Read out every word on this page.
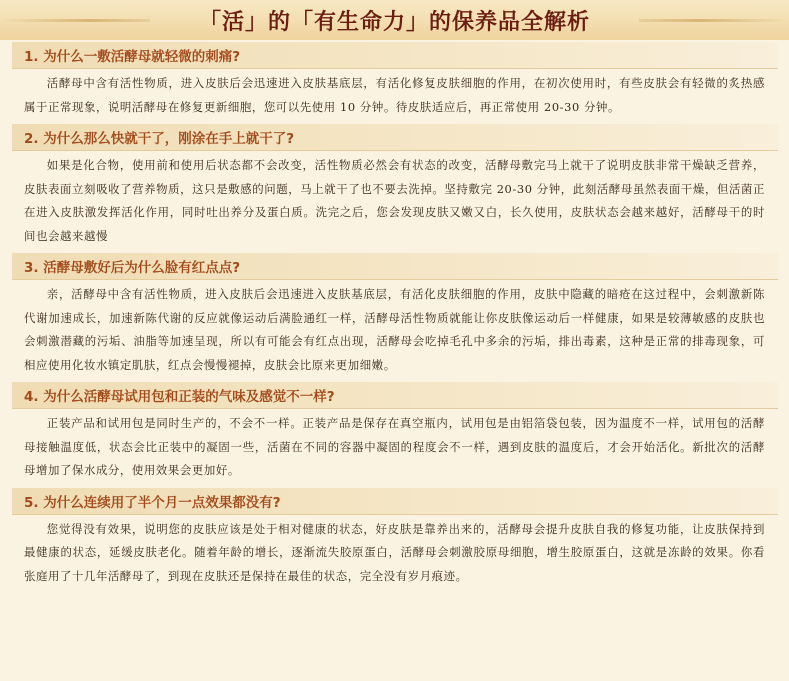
「活」的「有生命力」的保养品全解析
1. 为什么一敷活酵母就轻微的刺痛?
活酵母中含有活性物质，进入皮肤后会迅速进入皮肤基底层，有活化修复皮肤细胞的作用，在初次使用时，有些皮肤会有轻微的炙热感属于正常现象，说明活酵母在修复更新细胞，您可以先使用 10 分钟。待皮肤适应后，再正常使用 20-30 分钟。
2. 为什么那么快就干了，刚涂在手上就干了?
如果是化合物，使用前和使用后状态都不会改变，活性物质必然会有状态的改变，活酵母敷完马上就干了说明皮肤非常干燥缺乏营养，皮肤表面立刻吸收了营养物质，这只是敷感的问题，马上就干了也不要去洗掉。坚持敷完 20-30 分钟，此刻活酵母虽然表面干燥，但活菌正在进入皮肤激发挥活化作用，同时吐出养分及蛋白质。洗完之后，您会发现皮肤又嫩又白，长久使用，皮肤状态会越来越好，活酵母干的时间也会越来越慢
3. 活酵母敷好后为什么脸有红点点?
亲，活酵母中含有活性物质，进入皮肤后会迅速进入皮肤基底层，有活化皮肤细胞的作用，皮肤中隐藏的暗疮在这过程中，会刺激新陈代谢加速成长，加速新陈代谢的反应就像运动后满脸通红一样，活酵母活性物质就能让你皮肤像运动后一样健康，如果是较薄敏感的皮肤也会刺激潜藏的污垢、油脂等加速呈现，所以有可能会有红点出现，活酵母会吃掉毛孔中多余的污垢，排出毒素，这种是正常的排毒现象，可相应使用化妆水镇定肌肤，红点会慢慢褪掉，皮肤会比原来更加细嫩。
4. 为什么活酵母试用包和正装的气味及感觉不一样?
正装产品和试用包是同时生产的，不会不一样。正装产品是保存在真空瓶内，试用包是由铝箔袋包装，因为温度不一样，试用包的活酵母接触温度低，状态会比正装中的凝固一些，活菌在不同的容器中凝固的程度会不一样，遇到皮肤的温度后，才会开始活化。新批次的活酵母增加了保水成分，使用效果会更加好。
5. 为什么连续用了半个月一点效果都没有?
您觉得没有效果，说明您的皮肤应该是处于相对健康的状态，好皮肤是靠养出来的，活酵母会提升皮肤自我的修复功能，让皮肤保持到最健康的状态，延缓皮肤老化。随着年龄的增长，逐渐流失胶原蛋白，活酵母会刺激胶原母细胞，增生胶原蛋白，这就是冻龄的效果。你看张庭用了十几年活酵母了，到现在皮肤还是保持在最佳的状态，完全没有岁月痕迹。
